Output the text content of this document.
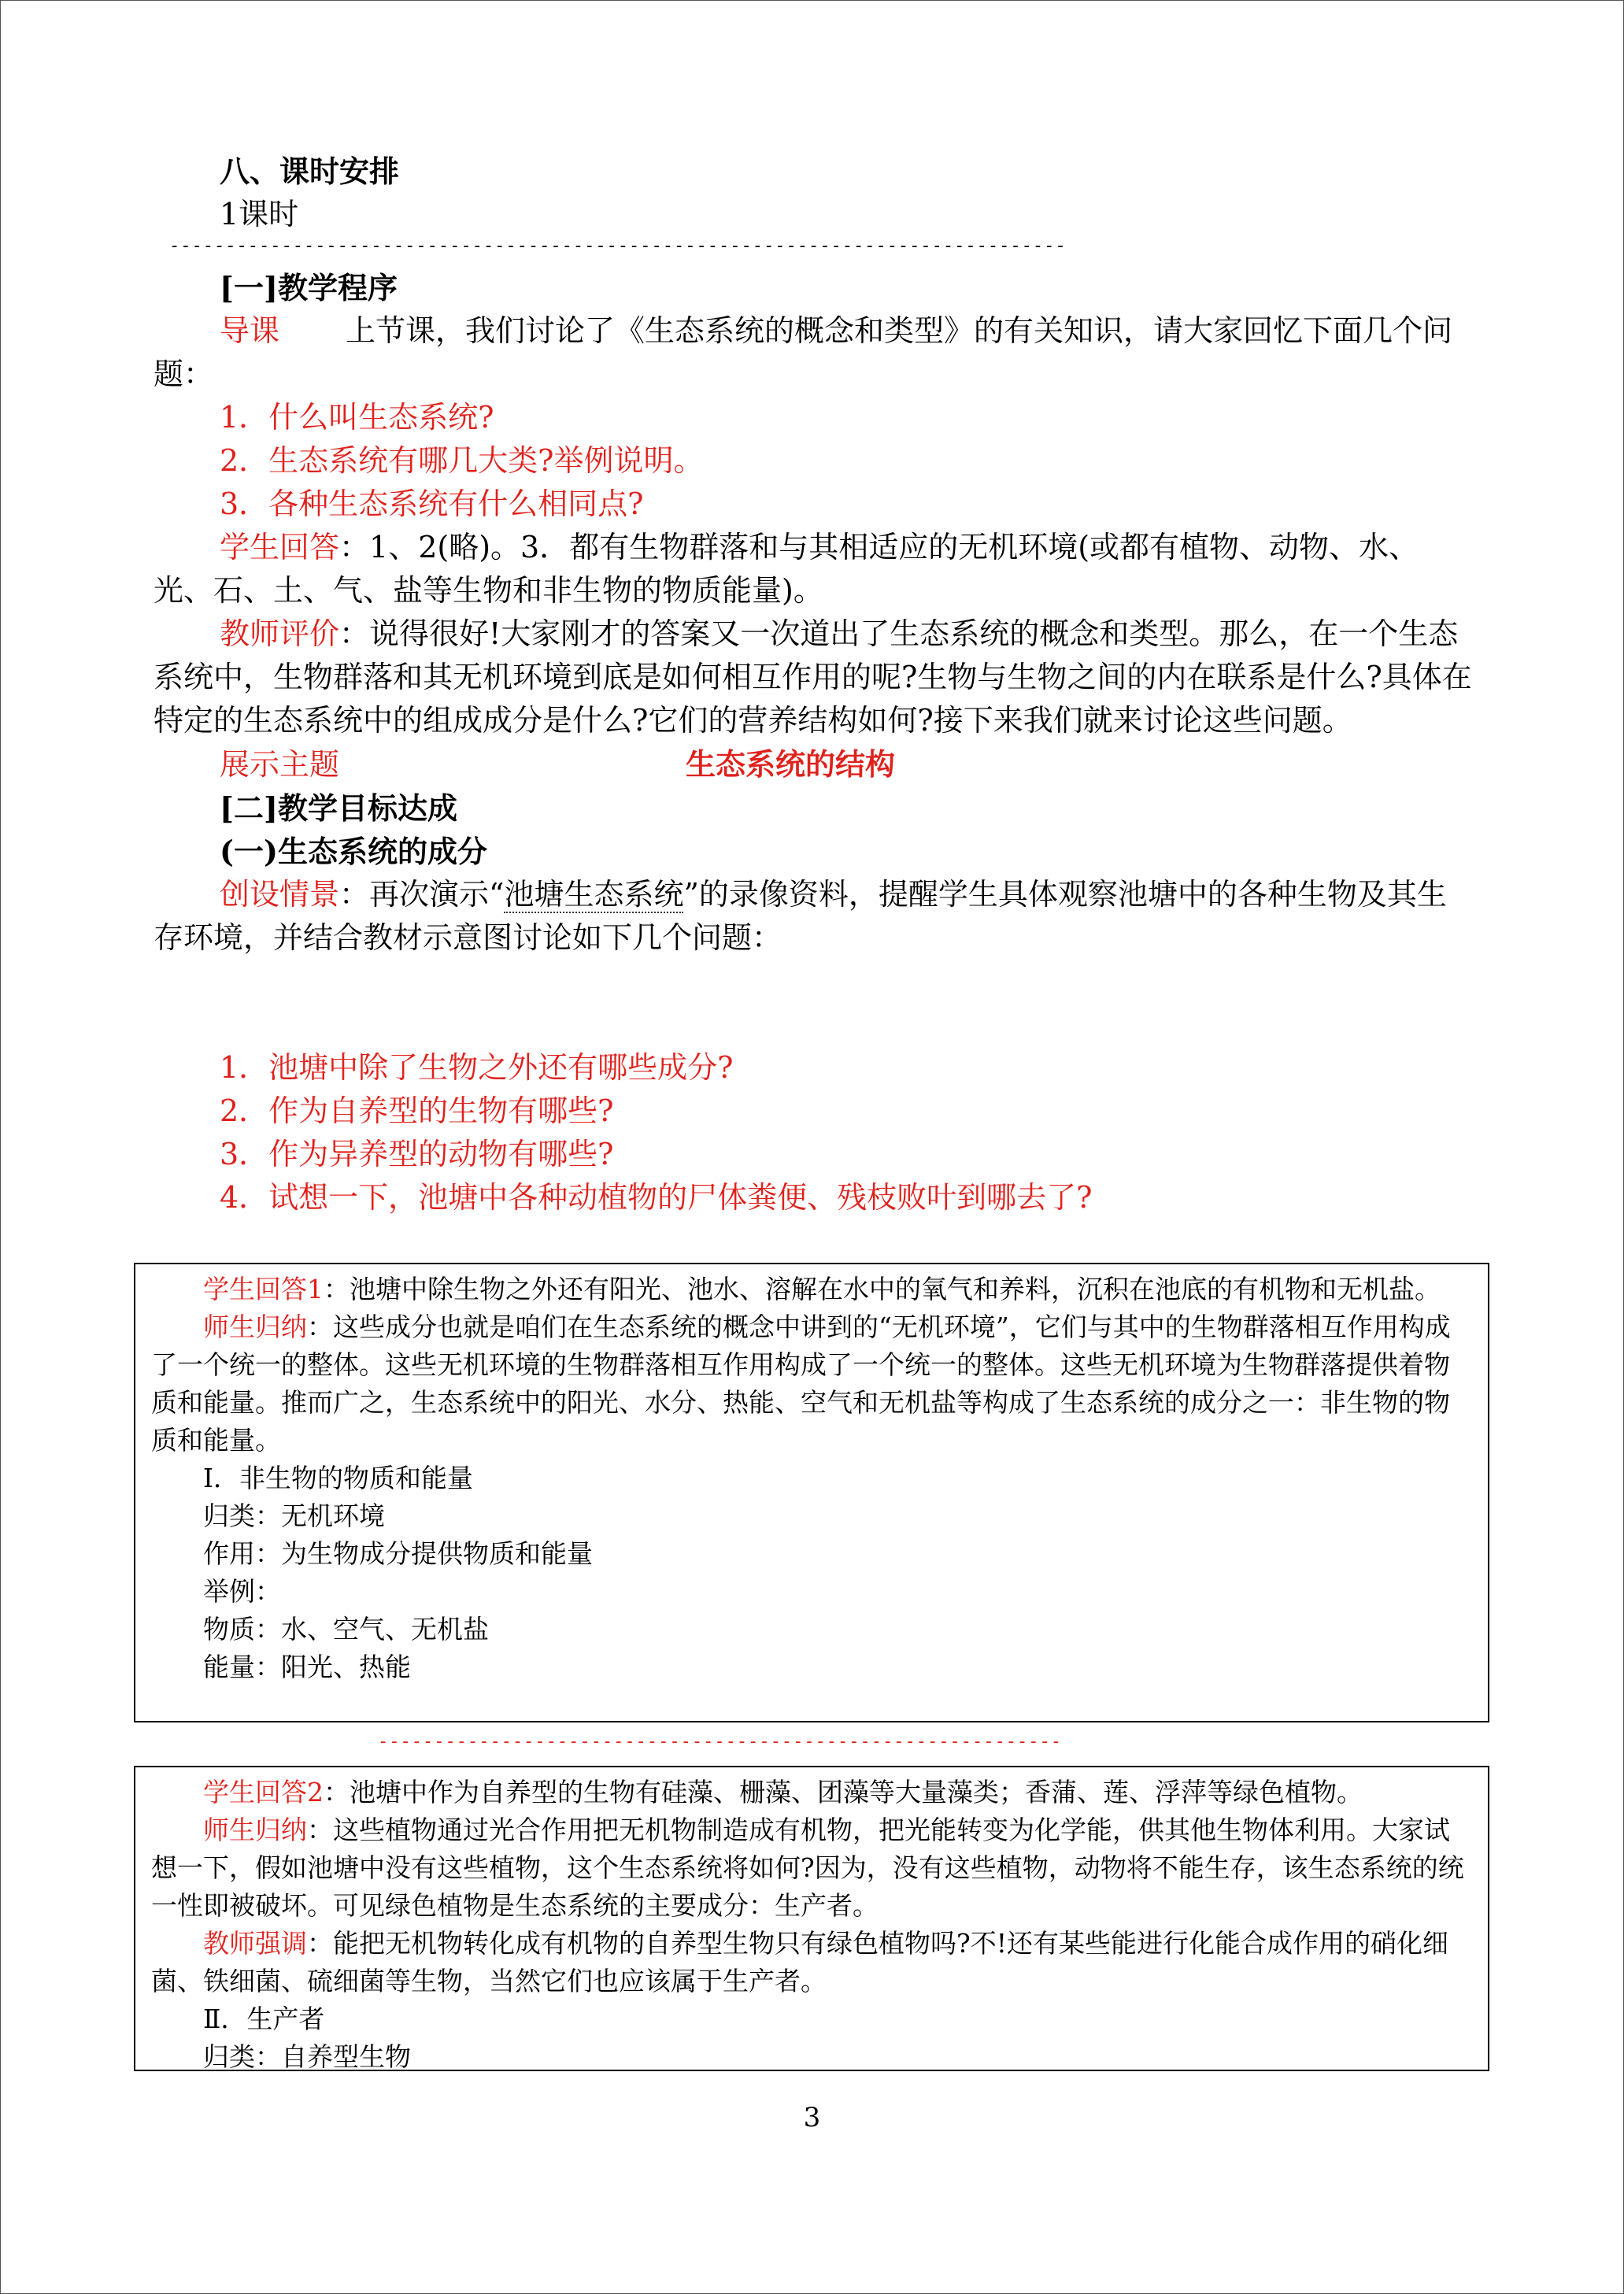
八、课时安排

1课时

--------------------------------------------------------------------------------

[一]教学程序

导课 上节课，我们讨论了《生态系统的概念和类型》的有关知识，请大家回忆下面几个问题：

1．什么叫生态系统?

2．生态系统有哪几大类?举例说明。

3．各种生态系统有什么相同点?

学生回答：1、2(略)。3．都有生物群落和与其相适应的无机环境(或都有植物、动物、水、光、石、土、气、盐等生物和非生物的物质能量)。

教师评价：说得很好!大家刚才的答案又一次道出了生态系统的概念和类型。那么，在一个生态系统中，生物群落和其无机环境到底是如何相互作用的呢?生物与生物之间的内在联系是什么?具体在特定的生态系统中的组成成分是什么?它们的营养结构如何?接下来我们就来讨论这些问题。

展示主题	生态系统的结构

[二]教学目标达成

(一)生态系统的成分

创设情景：再次演示“池塘生态系统”的录像资料，提醒学生具体观察池塘中的各种生物及其生存环境，并结合教材示意图讨论如下几个问题：

1．池塘中除了生物之外还有哪些成分?

2．作为自养型的生物有哪些?

3．作为异养型的动物有哪些?

4．试想一下，池塘中各种动植物的尸体粪便、残枝败叶到哪去了?

学生回答1：池塘中除生物之外还有阳光、池水、溶解在水中的氧气和养料，沉积在池底的有机物和无机盐。

师生归纳：这些成分也就是咱们在生态系统的概念中讲到的“无机环境”，它们与其中的生物群落相互作用构成了一个统一的整体。这些无机环境的生物群落相互作用构成了一个统一的整体。这些无机环境为生物群落提供着物质和能量。推而广之，生态系统中的阳光、水分、热能、空气和无机盐等构成了生态系统的成分之一：非生物的物质和能量。

Ⅰ．非生物的物质和能量

归类：无机环境

作用：为生物成分提供物质和能量

举例：

物质：水、空气、无机盐

能量：阳光、热能

-------------------------------------------------------------

学生回答2：池塘中作为自养型的生物有硅藻、栅藻、团藻等大量藻类；香蒲、莲、浮萍等绿色植物。

师生归纳：这些植物通过光合作用把无机物制造成有机物，把光能转变为化学能，供其他生物体利用。大家试想一下，假如池塘中没有这些植物，这个生态系统将如何?因为，没有这些植物，动物将不能生存，该生态系统的统一性即被破坏。可见绿色植物是生态系统的主要成分：生产者。

教师强调：能把无机物转化成有机物的自养型生物只有绿色植物吗?不!还有某些能进行化能合成作用的硝化细菌、铁细菌、硫细菌等生物，当然它们也应该属于生产者。

Ⅱ．生产者

归类：自养型生物

3
